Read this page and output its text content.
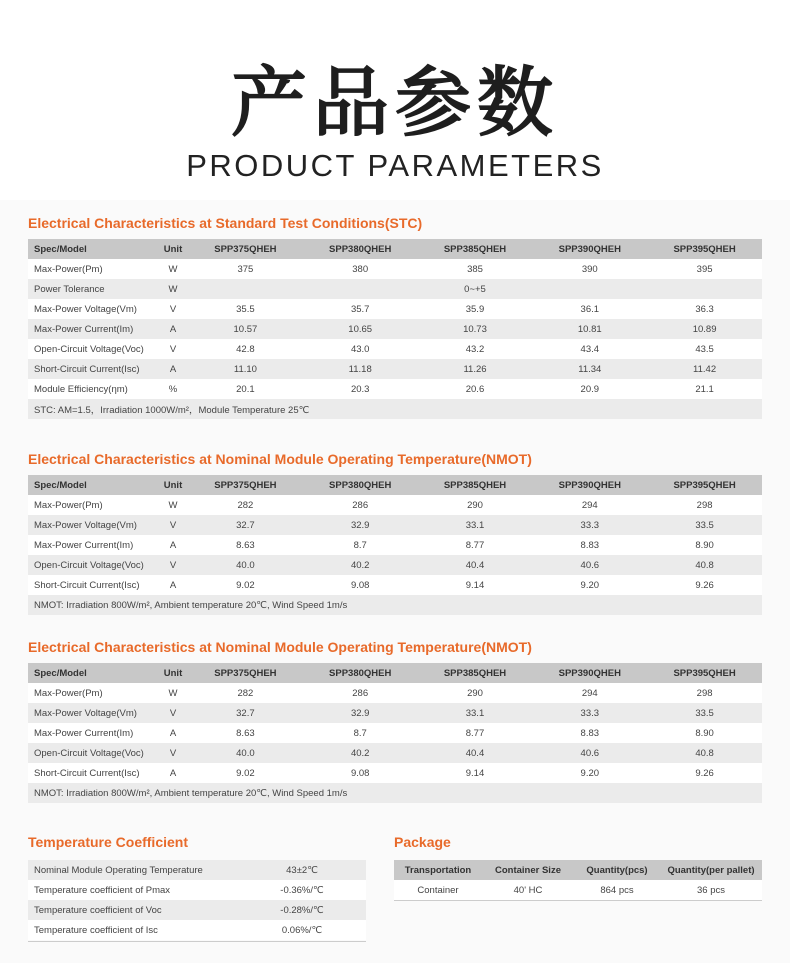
产品参数
PRODUCT PARAMETERS
Electrical Characteristics at Standard Test Conditions(STC)
Spec/Model	Unit	SPP375QHEH	SPP380QHEH	SPP385QHEH	SPP390QHEH	SPP395QHEH
Max-Power(Pm)	W	375	380	385	390	395
Power Tolerance	W	0~+5				
Max-Power Voltage(Vm)	V	35.5	35.7	35.9	36.1	36.3
Max-Power Current(Im)	A	10.57	10.65	10.73	10.81	10.89
Open-Circuit Voltage(Voc)	V	42.8	43.0	43.2	43.4	43.5
Short-Circuit Current(Isc)	A	11.10	11.18	11.26	11.34	11.42
Module Efficiency(ηm)	%	20.1	20.3	20.6	20.9	21.1
STC: AM=1.5，Irradiation 1000W/m²，Module Temperature 25℃						
Electrical Characteristics at Nominal Module Operating Temperature(NMOT)
Spec/Model	Unit	SPP375QHEH	SPP380QHEH	SPP385QHEH	SPP390QHEH	SPP395QHEH
Max-Power(Pm)	W	282	286	290	294	298
Max-Power Voltage(Vm)	V	32.7	32.9	33.1	33.3	33.5
Max-Power Current(Im)	A	8.63	8.7	8.77	8.83	8.90
Open-Circuit Voltage(Voc)	V	40.0	40.2	40.4	40.6	40.8
Short-Circuit Current(Isc)	A	9.02	9.08	9.14	9.20	9.26
NMOT: Irradiation 800W/m², Ambient temperature 20℃, Wind Speed 1m/s						
Electrical Characteristics at Nominal Module Operating Temperature(NMOT)
Spec/Model	Unit	SPP375QHEH	SPP380QHEH	SPP385QHEH	SPP390QHEH	SPP395QHEH
Max-Power(Pm)	W	282	286	290	294	298
Max-Power Voltage(Vm)	V	32.7	32.9	33.1	33.3	33.5
Max-Power Current(Im)	A	8.63	8.7	8.77	8.83	8.90
Open-Circuit Voltage(Voc)	V	40.0	40.2	40.4	40.6	40.8
Short-Circuit Current(Isc)	A	9.02	9.08	9.14	9.20	9.26
NMOT: Irradiation 800W/m², Ambient temperature 20℃, Wind Speed 1m/s						
Temperature Coefficient
Nominal Module Operating Temperature	43±2℃
Temperature coefficient of Pmax	-0.36%/℃
Temperature coefficient of Voc	-0.28%/℃
Temperature coefficient of Isc	0.06%/℃
Package
Transportation	Container Size	Quantity(pcs)	Quantity(per pallet)
Container	40' HC	864 pcs	36 pcs
